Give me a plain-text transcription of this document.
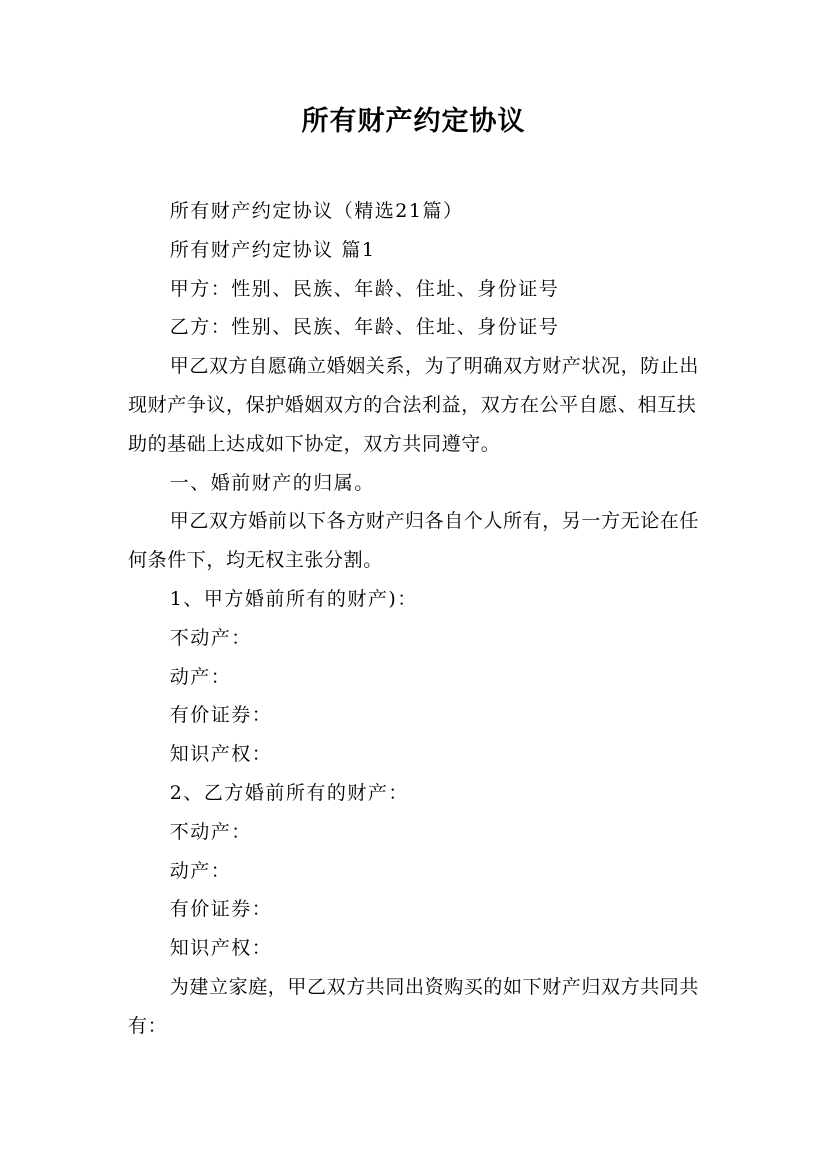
所有财产约定协议

所有财产约定协议（精选21篇）

所有财产约定协议 篇1

甲方：性别、民族、年龄、住址、身份证号

乙方：性别、民族、年龄、住址、身份证号

甲乙双方自愿确立婚姻关系，为了明确双方财产状况，防止出现财产争议，保护婚姻双方的合法利益，双方在公平自愿、相互扶助的基础上达成如下协定，双方共同遵守。

一、婚前财产的归属。

甲乙双方婚前以下各方财产归各自个人所有，另一方无论在任何条件下，均无权主张分割。

1、甲方婚前所有的财产)：

不动产：

动产：

有价证券：

知识产权：

2、乙方婚前所有的财产：

不动产：

动产：

有价证券：

知识产权：

为建立家庭，甲乙双方共同出资购买的如下财产归双方共同共有：
